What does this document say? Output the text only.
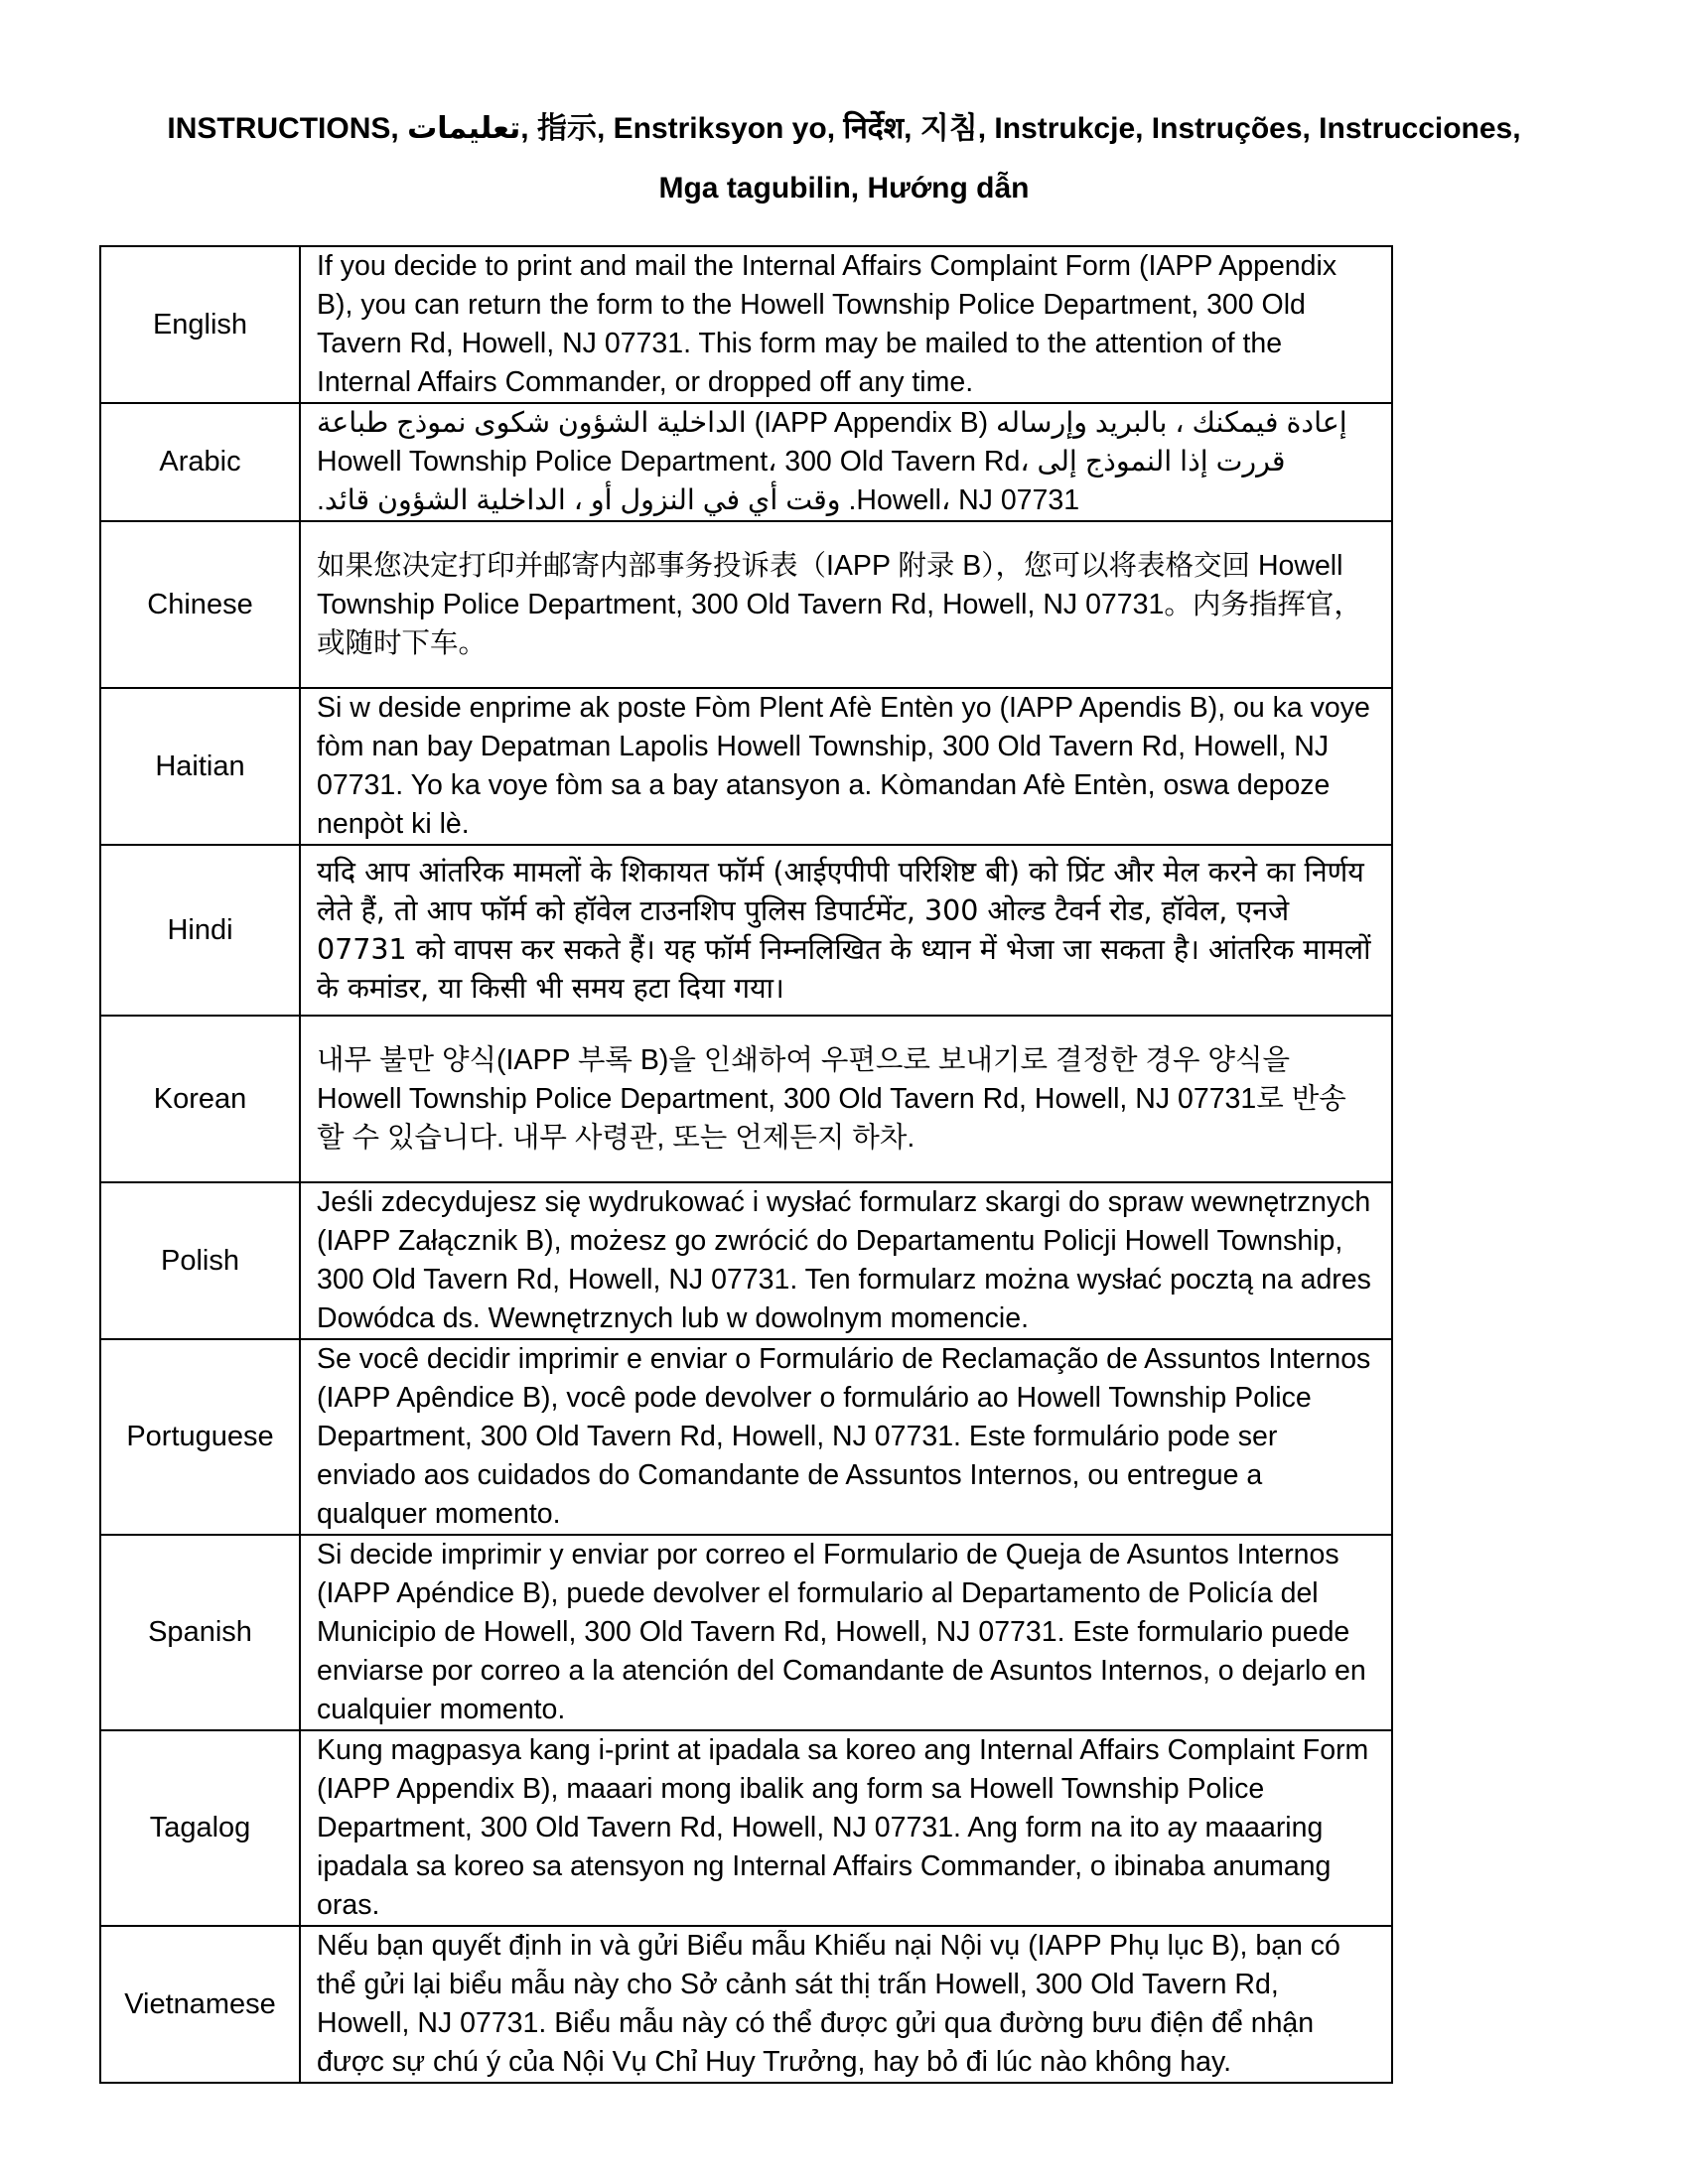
INSTRUCTIONS, تعليمات, 指示, Enstriksyon yo, निर्देश, 지침, Instrukcje, Instruções, Instrucciones,
Mga tagubilin, Hướng dẫn
English	If you decide to print and mail the Internal Affairs Complaint Form (IAPP Appendix B), you can return the form to the Howell Township Police Department, 300 Old Tavern Rd, Howell, NJ 07731. This form may be mailed to the attention of the Internal Affairs Commander, or dropped off any time.
Arabic	إعادة فيمكنك ، بالبريد وإرساله (IAPP Appendix B) الداخلية الشؤون شكوى نموذج طباعة قررت إذا النموذج إلى Howell Township Police Department، 300 Old Tavern Rd، Howell، NJ 07731. وقت أي في النزول أو ، الداخلية الشؤون قائد.
Chinese	如果您决定打印并邮寄内部事务投诉表（IAPP 附录 B），您可以将表格交回 Howell Township Police Department, 300 Old Tavern Rd, Howell, NJ 07731。内务指挥官，或随时下车。
Haitian	Si w deside enprime ak poste Fòm Plent Afè Entèn yo (IAPP Apendis B), ou ka voye fòm nan bay Depatman Lapolis Howell Township, 300 Old Tavern Rd, Howell, NJ 07731. Yo ka voye fòm sa a bay atansyon a. Kòmandan Afè Entèn, oswa depoze nenpòt ki lè.
Hindi	यदि आप आंतरिक मामलों के शिकायत फॉर्म (आईएपीपी परिशिष्ट बी) को प्रिंट और मेल करने का निर्णय लेते हैं, तो आप फॉर्म को हॉवेल टाउनशिप पुलिस डिपार्टमेंट, 300 ओल्ड टैवर्न रोड, हॉवेल, एनजे 07731 को वापस कर सकते हैं। यह फॉर्म निम्नलिखित के ध्यान में भेजा जा सकता है। आंतरिक मामलों के कमांडर, या किसी भी समय हटा दिया गया।
Korean	내무 불만 양식(IAPP 부록 B)을 인쇄하여 우편으로 보내기로 결정한 경우 양식을 Howell Township Police Department, 300 Old Tavern Rd, Howell, NJ 07731로 반송할 수 있습니다. 내무 사령관, 또는 언제든지 하차.
Polish	Jeśli zdecydujesz się wydrukować i wysłać formularz skargi do spraw wewnętrznych (IAPP Załącznik B), możesz go zwrócić do Departamentu Policji Howell Township, 300 Old Tavern Rd, Howell, NJ 07731. Ten formularz można wysłać pocztą na adres Dowódca ds. Wewnętrznych lub w dowolnym momencie.
Portuguese	Se você decidir imprimir e enviar o Formulário de Reclamação de Assuntos Internos (IAPP Apêndice B), você pode devolver o formulário ao Howell Township Police Department, 300 Old Tavern Rd, Howell, NJ 07731. Este formulário pode ser enviado aos cuidados do Comandante de Assuntos Internos, ou entregue a qualquer momento.
Spanish	Si decide imprimir y enviar por correo el Formulario de Queja de Asuntos Internos (IAPP Apéndice B), puede devolver el formulario al Departamento de Policía del Municipio de Howell, 300 Old Tavern Rd, Howell, NJ 07731. Este formulario puede enviarse por correo a la atención del Comandante de Asuntos Internos, o dejarlo en cualquier momento.
Tagalog	Kung magpasya kang i-print at ipadala sa koreo ang Internal Affairs Complaint Form (IAPP Appendix B), maaari mong ibalik ang form sa Howell Township Police Department, 300 Old Tavern Rd, Howell, NJ 07731. Ang form na ito ay maaaring ipadala sa koreo sa atensyon ng Internal Affairs Commander, o ibinaba anumang oras.
Vietnamese	Nếu bạn quyết định in và gửi Biểu mẫu Khiếu nại Nội vụ (IAPP Phụ lục B), bạn có thể gửi lại biểu mẫu này cho Sở cảnh sát thị trấn Howell, 300 Old Tavern Rd, Howell, NJ 07731. Biểu mẫu này có thể được gửi qua đường bưu điện để nhận được sự chú ý của Nội Vụ Chỉ Huy Trưởng, hay bỏ đi lúc nào không hay.
